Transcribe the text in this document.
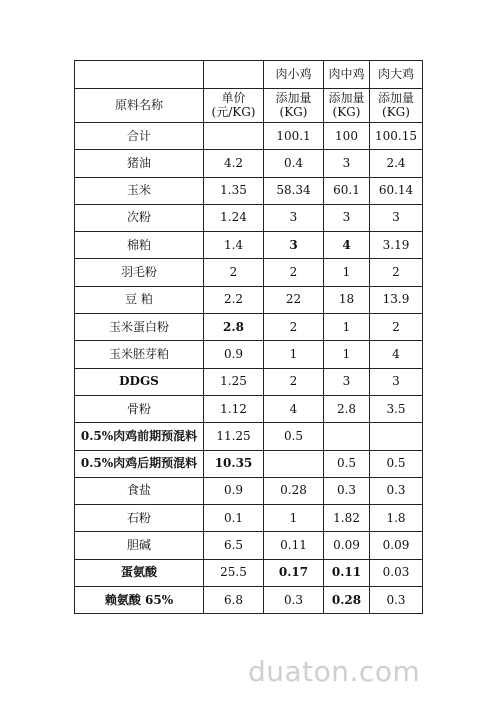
		肉小鸡	肉中鸡	肉大鸡
原料名称	单价(元/KG)	添加量(KG)	添加量(KG)	添加量(KG)
合计		100.1	100	100.15
猪油	4.2	0.4	3	2.4
玉米	1.35	58.34	60.1	60.14
次粉	1.24	3	3	3
棉粕	1.4	3	4	3.19
羽毛粉	2	2	1	2
豆 粕	2.2	22	18	13.9
玉米蛋白粉	2.8	2	1	2
玉米胚芽粕	0.9	1	1	4
DDGS	1.25	2	3	3
骨粉	1.12	4	2.8	3.5
0.5%肉鸡前期预混料	11.25	0.5		
0.5%肉鸡后期预混料	10.35		0.5	0.5
食盐	0.9	0.28	0.3	0.3
石粉	0.1	1	1.82	1.8
胆碱	6.5	0.11	0.09	0.09
蛋氨酸	25.5	0.17	0.11	0.03
赖氨酸 65%	6.8	0.3	0.28	0.3
duaton.com
